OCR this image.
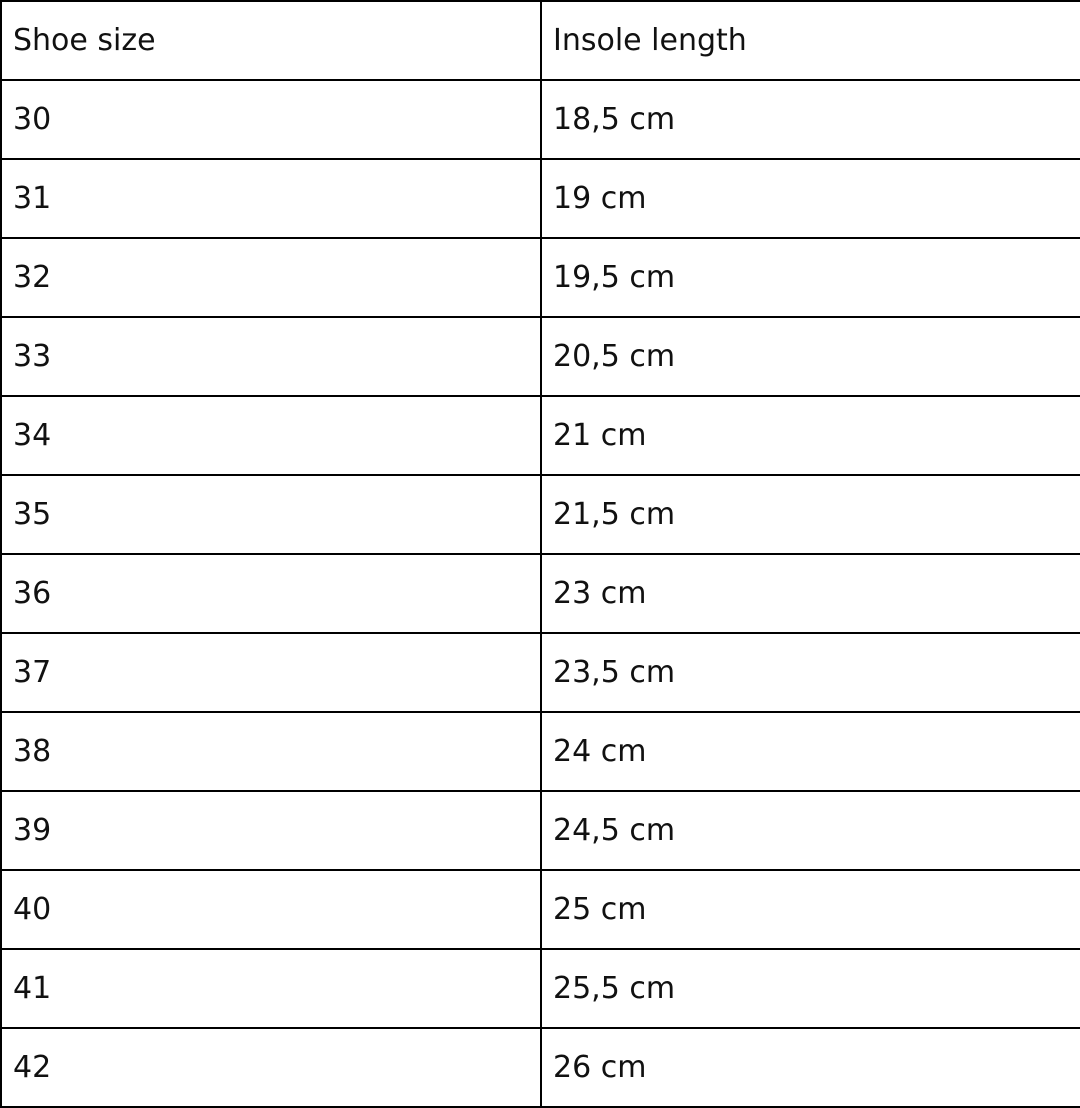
Shoe size	Insole length
30	18,5 cm
31	19 cm
32	19,5 cm
33	20,5 cm
34	21 cm
35	21,5 cm
36	23 cm
37	23,5 cm
38	24 cm
39	24,5 cm
40	25 cm
41	25,5 cm
42	26 cm
